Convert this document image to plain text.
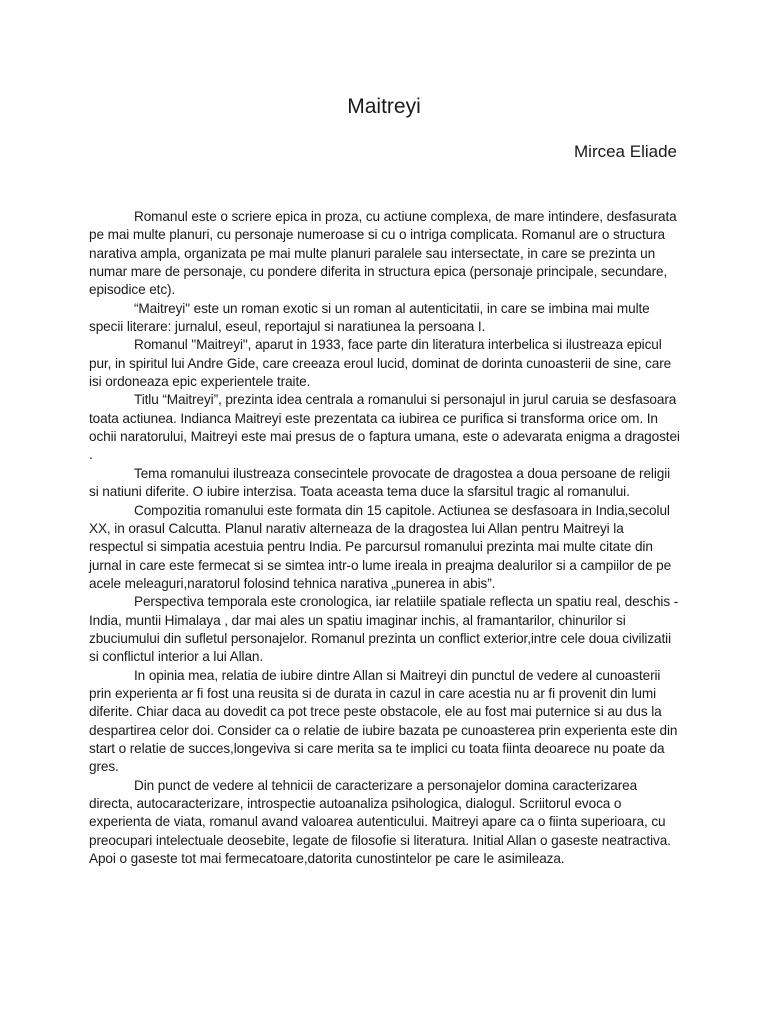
Maitreyi
Mircea Eliade

Romanul este o scriere epica in proza, cu actiune complexa, de mare intindere, desfasurata pe mai multe planuri, cu personaje numeroase si cu o intriga complicata. Romanul are o structura narativa ampla, organizata pe mai multe planuri paralele sau intersectate, in care se prezinta un numar mare de personaje, cu pondere diferita in structura epica (personaje principale, secundare, episodice etc).

“Maitreyi" este un roman exotic si un roman al autenticitatii, in care se imbina mai multe specii literare: jurnalul, eseul, reportajul si naratiunea la persoana I.

Romanul "Maitreyi", aparut in 1933, face parte din literatura interbelica si ilustreaza epicul pur, in spiritul lui Andre Gide, care creeaza eroul lucid, dominat de dorinta cunoasterii de sine, care isi ordoneaza epic experientele traite.

Titlu “Maitreyi”, prezinta idea centrala a romanului si personajul in jurul caruia se desfasoara toata actiunea. Indianca Maitreyi este prezentata ca iubirea ce purifica si transforma orice om. In ochii naratorului, Maitreyi este mai presus de o faptura umana, este o adevarata enigma a dragostei .

Tema romanului ilustreaza consecintele provocate de dragostea a doua persoane de religii si natiuni diferite. O iubire interzisa. Toata aceasta tema duce la sfarsitul tragic al romanului.

Compozitia romanului este formata din 15 capitole. Actiunea se desfasoara in India,secolul XX, in orasul Calcutta. Planul narativ alterneaza de la dragostea lui Allan pentru Maitreyi la respectul si simpatia acestuia pentru India. Pe parcursul romanului prezinta mai multe citate din jurnal in care este fermecat si se simtea intr-o lume ireala in preajma dealurilor si a campiilor de pe acele meleaguri,naratorul folosind tehnica narativa „punerea in abis”.

Perspectiva temporala este cronologica, iar relatiile spatiale reflecta un spatiu real, deschis - India, muntii Himalaya , dar mai ales un spatiu imaginar inchis, al framantarilor, chinurilor si zbuciumului din sufletul personajelor. Romanul prezinta un conflict exterior,intre cele doua civilizatii si conflictul interior a lui Allan.

In opinia mea, relatia de iubire dintre Allan si Maitreyi din punctul de vedere al cunoasterii prin experienta ar fi fost una reusita si de durata in cazul in care acestia nu ar fi provenit din lumi diferite. Chiar daca au dovedit ca pot trece peste obstacole, ele au fost mai puternice si au dus la despartirea celor doi. Consider ca o relatie de iubire bazata pe cunoasterea prin experienta este din start o relatie de succes,longeviva si care merita sa te implici cu toata fiinta deoarece nu poate da gres.

Din punct de vedere al tehnicii de caracterizare a personajelor domina caracterizarea directa, autocaracterizare, introspectie autoanaliza psihologica, dialogul. Scriitorul evoca o experienta de viata, romanul avand valoarea autenticului. Maitreyi apare ca o fiinta superioara, cu preocupari intelectuale deosebite, legate de filosofie si literatura. Initial Allan o gaseste neatractiva. Apoi o gaseste tot mai fermecatoare,datorita cunostintelor pe care le asimileaza.
